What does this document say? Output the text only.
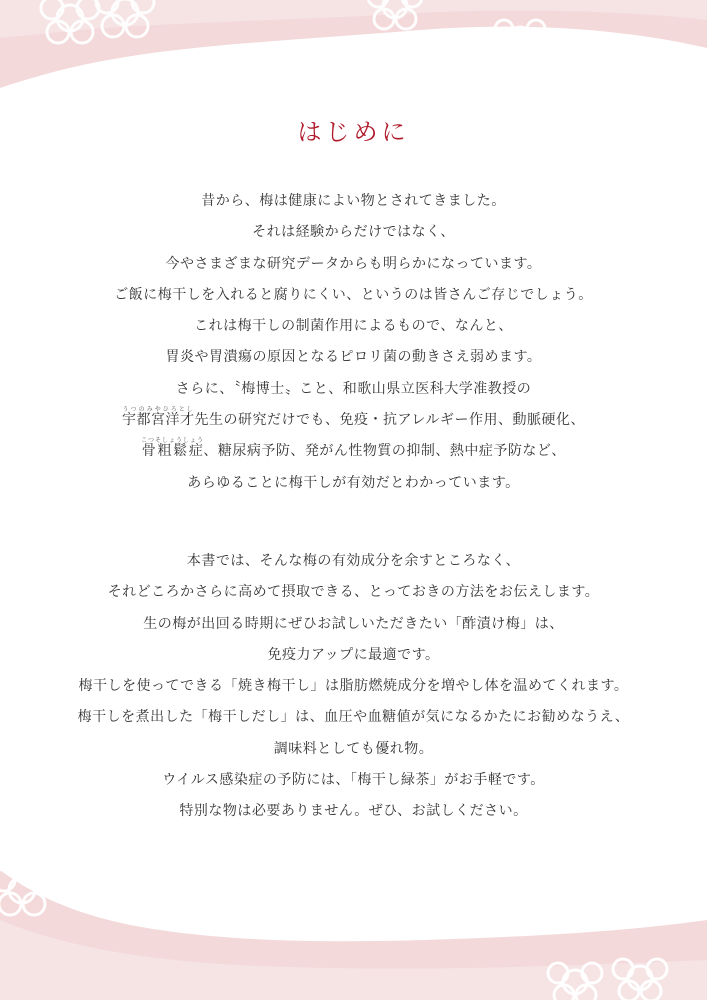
はじめに
昔から、梅は健康によい物とされてきました。
それは経験からだけではなく、
今やさまざまな研究データからも明らかになっています。
ご飯に梅干しを入れると腐りにくい、というのは皆さんご存じでしょう。
これは梅干しの制菌作用によるもので、なんと、
胃炎や胃潰瘍の原因となるピロリ菌の動きさえ弱めます。
さらに、〝梅博士〟こと、和歌山県立医科大学准教授の
宇都宮洋才うつのみやひろとし先生の研究だけでも、免疫・抗アレルギー作用、動脈硬化、
骨粗鬆症こつそしょうしょう、糖尿病予防、発がん性物質の抑制、熱中症予防など、
あらゆることに梅干しが有効だとわかっています。
本書では、そんな梅の有効成分を余すところなく、
それどころかさらに高めて摂取できる、とっておきの方法をお伝えします。
生の梅が出回る時期にぜひお試しいただきたい「酢漬け梅」は、
免疫力アップに最適です。
梅干しを使ってできる「焼き梅干し」は脂肪燃焼成分を増やし体を温めてくれます。
梅干しを煮出した「梅干しだし」は、血圧や血糖値が気になるかたにお勧めなうえ、
調味料としても優れ物。
ウイルス感染症の予防には、「梅干し緑茶」がお手軽です。
特別な物は必要ありません。ぜひ、お試しください。
